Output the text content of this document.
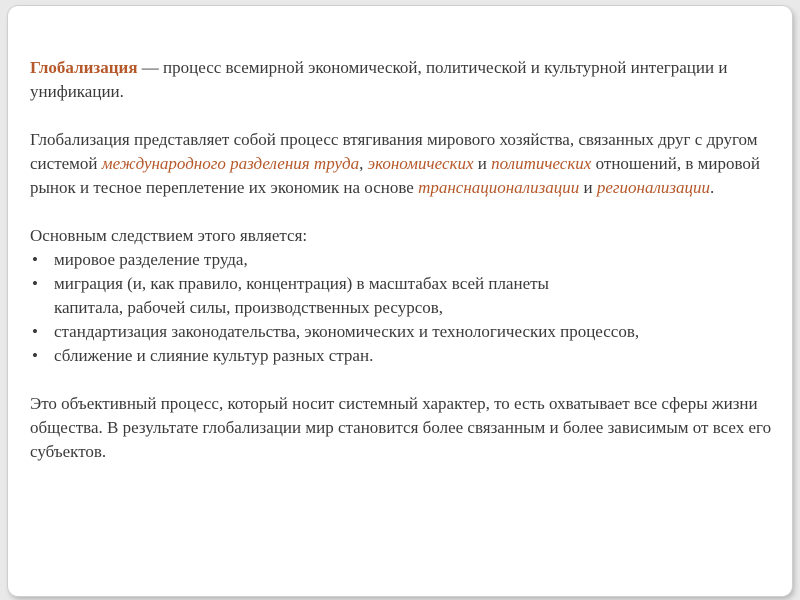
Глобализация — процесс всемирной экономической, политической и культурной интеграции и унификации.

Глобализация представляет собой процесс втягивания мирового хозяйства, связанных друг с другом системой международного разделения труда, экономических и политических отношений, в мировой рынок и тесное переплетение их экономик на основе транснационализации и регионализации.

Основным следствием этого является:

• мировое разделение труда,
• миграция (и, как правило, концентрация) в масштабах всей планеты капитала, рабочей силы, производственных ресурсов,
• стандартизация законодательства, экономических и технологических процессов,
• сближение и слияние культур разных стран.

Это объективный процесс, который носит системный характер, то есть охватывает все сферы жизни общества. В результате глобализации мир становится более связанным и более зависимым от всех его субъектов.
